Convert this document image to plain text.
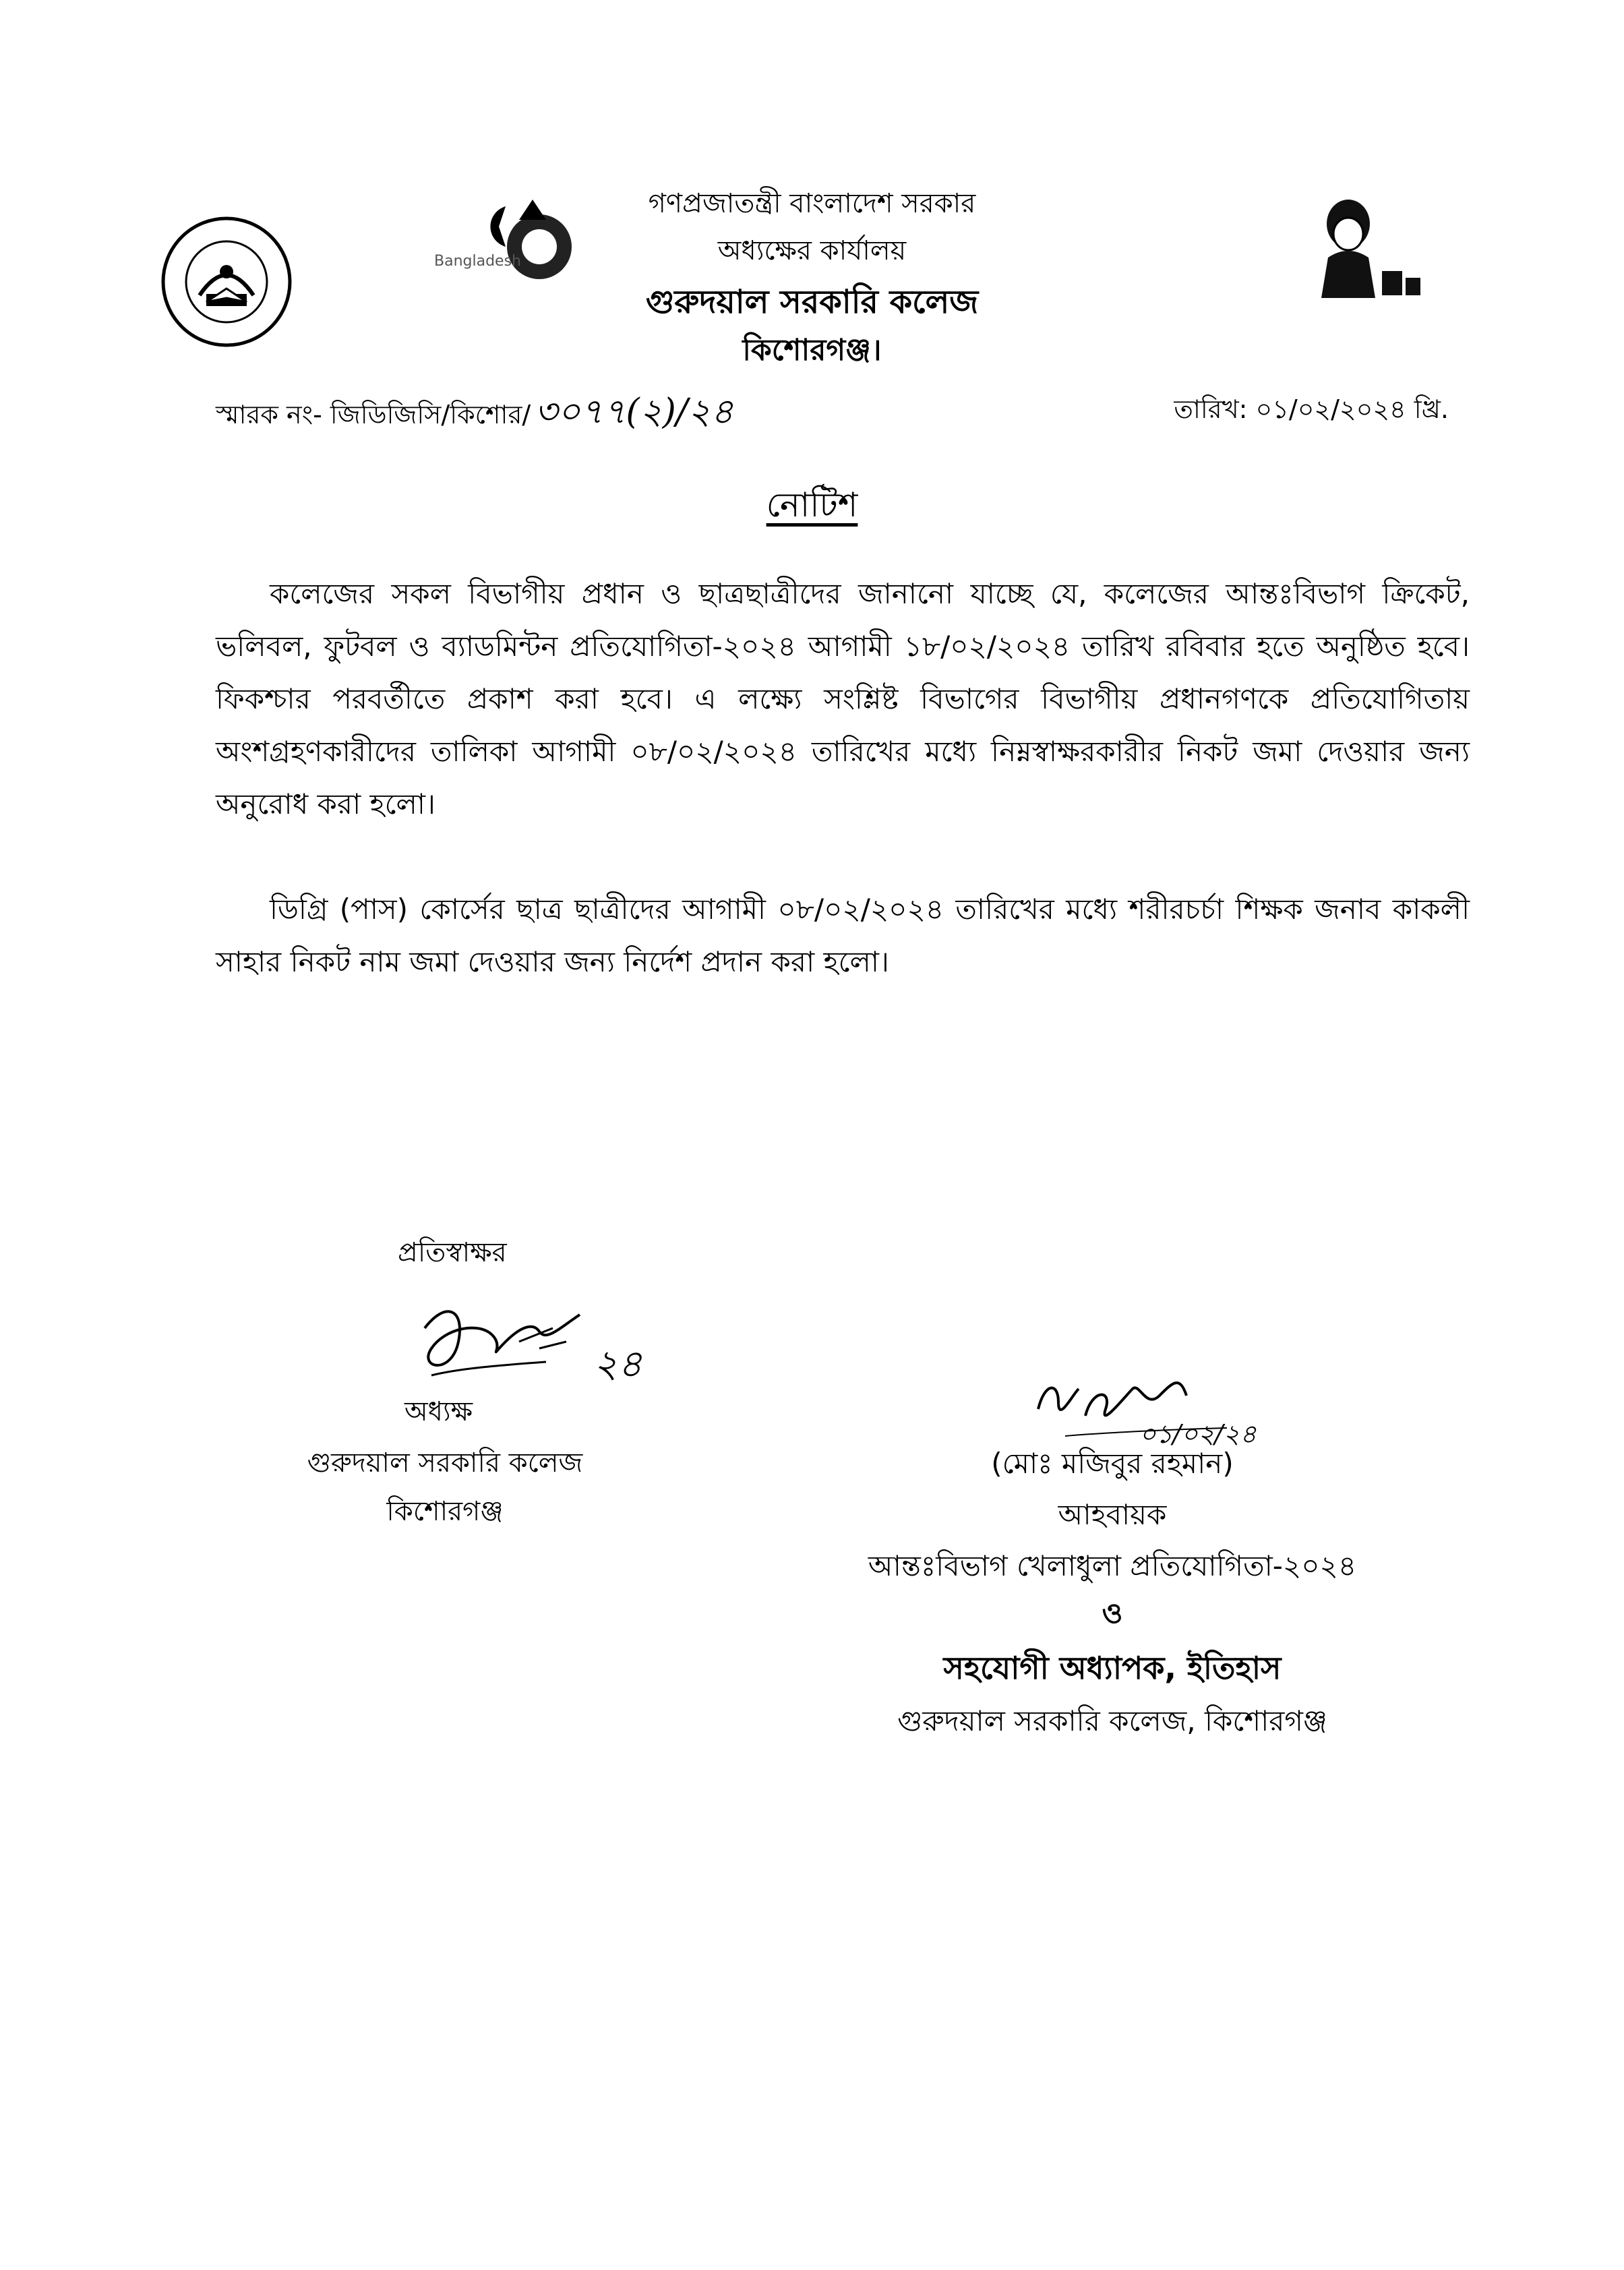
Bangladesh
গণপ্রজাতন্ত্রী বাংলাদেশ সরকার
অধ্যক্ষের কার্যালয়
গুরুদয়াল সরকারি কলেজ
কিশোরগঞ্জ।
স্মারক নং- জিডিজিসি/কিশোর/ ৩০৭৭(২)/২৪	তারিখ: ০১/০২/২০২৪ খ্রি.
নোটিশ

কলেজের সকল বিভাগীয় প্রধান ও ছাত্রছাত্রীদের জানানো যাচ্ছে যে, কলেজের আন্তঃবিভাগ ক্রিকেট, ভলিবল, ফুটবল ও ব্যাডমিন্টন প্রতিযোগিতা-২০২৪ আগামী ১৮/০২/২০২৪ তারিখ রবিবার হতে অনুষ্ঠিত হবে। ফিকশ্চার পরবর্তীতে প্রকাশ করা হবে। এ লক্ষ্যে সংশ্লিষ্ট বিভাগের বিভাগীয় প্রধানগণকে প্রতিযোগিতায় অংশগ্রহণকারীদের তালিকা আগামী ০৮/০২/২০২৪ তারিখের মধ্যে নিম্নস্বাক্ষরকারীর নিকট জমা দেওয়ার জন্য অনুরোধ করা হলো।

ডিগ্রি (পাস) কোর্সের ছাত্র ছাত্রীদের আগামী ০৮/০২/২০২৪ তারিখের মধ্যে শরীরচর্চা শিক্ষক জনাব কাকলী সাহার নিকট নাম জমা দেওয়ার জন্য নির্দেশ প্রদান করা হলো।

প্রতিস্বাক্ষর
২৪
অধ্যক্ষ
গুরুদয়াল সরকারি কলেজ
কিশোরগঞ্জ
০১/০২/২৪
(মোঃ মজিবুর রহমান)
আহবায়ক
আন্তঃবিভাগ খেলাধুলা প্রতিযোগিতা-২০২৪
ও
সহযোগী অধ্যাপক, ইতিহাস
গুরুদয়াল সরকারি কলেজ, কিশোরগঞ্জ
